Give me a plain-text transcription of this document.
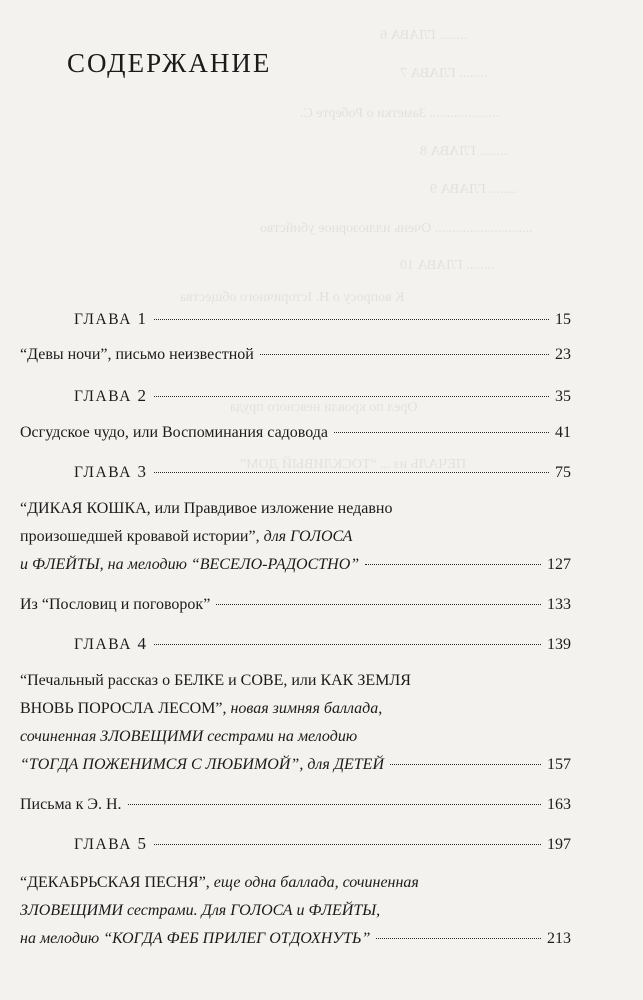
........ ГЛАВА 6
........ ГЛАВА 7
.................... Заметки о Роберте С.
........ ГЛАВА 8
........ ГЛАВА 9
............................ Очень иллюзорное убийство
........ ГЛАВА 10
К вопросу о Н. Історичного общества
Орел по кровли неясного пруда
ПЕЧАЛЬ из ... “ТОСКЛИВЫЙ ДОМ”
СОДЕРЖАНИЕ
ГЛАВА 1	15
“Девы ночи”, письмо неизвестной	23
ГЛАВА 2	35
Осгудское чудо, или Воспоминания садовода	41
ГЛАВА 3	75
“ДИКАЯ КОШКА, или Правдивое изложение недавно
произошедшей кровавой истории”, для ГОЛОСА
и ФЛЕЙТЫ, на мелодию “ВЕСЕЛО-РАДОСТНО”	127
Из “Пословиц и поговорок”	133
ГЛАВА 4	139
“Печальный рассказ о БЕЛКЕ и СОВЕ, или КАК ЗЕМЛЯ
ВНОВЬ ПОРОСЛА ЛЕСОМ”, новая зимняя баллада,
сочиненная ЗЛОВЕЩИМИ сестрами на мелодию
“ТОГДА ПОЖЕНИМСЯ С ЛЮБИМОЙ”, для ДЕТЕЙ	157
Письма к Э. Н.	163
ГЛАВА 5	197
“ДЕКАБРЬСКАЯ ПЕСНЯ”, еще одна баллада, сочиненная
ЗЛОВЕЩИМИ сестрами. Для ГОЛОСА и ФЛЕЙТЫ,
на мелодию “КОГДА ФЕБ ПРИЛЕГ ОТДОХНУТЬ”	213
